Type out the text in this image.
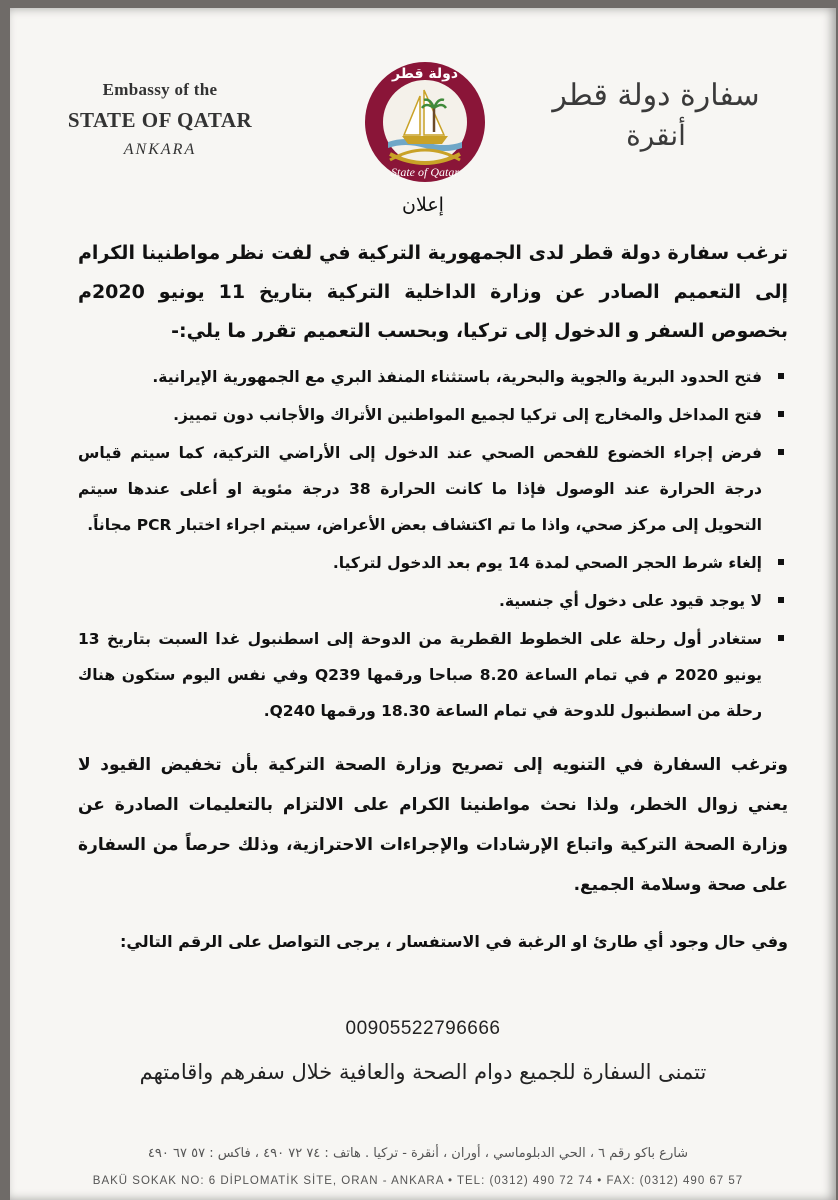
Embassy of the
STATE OF QATAR
ANKARA
دولة قطر
State of Qatar
سفارة دولة قطر
أنقرة
إعلان

ترغب سفارة دولة قطر لدى الجمهورية التركية في لفت نظر مواطنينا الكرام إلى التعميم الصادر عن وزارة الداخلية التركية بتاريخ 11 يونيو 2020م بخصوص السفر و الدخول إلى تركيا، وبحسب التعميم تقرر ما يلي:-

فتح الحدود البرية والجوية والبحرية، باستثناء المنفذ البري مع الجمهورية الإيرانية.
فتح المداخل والمخارج إلى تركيا لجميع المواطنين الأتراك والأجانب دون تمييز.
فرض إجراء الخضوع للفحص الصحي عند الدخول إلى الأراضي التركية، كما سيتم قياس درجة الحرارة عند الوصول فإذا ما كانت الحرارة 38 درجة مئوية او أعلى عندها سيتم التحويل إلى مركز صحي، واذا ما تم اكتشاف بعض الأعراض، سيتم اجراء اختبار PCR مجاناً.
إلغاء شرط الحجر الصحي لمدة 14 يوم بعد الدخول لتركيا.
لا يوجد قيود على دخول أي جنسية.
ستغادر أول رحلة على الخطوط القطرية من الدوحة إلى اسطنبول غدا السبت بتاريخ 13 يونيو 2020 م في تمام الساعة 8.20 صباحا ورقمها Q239 وفي نفس اليوم ستكون هناك رحلة من اسطنبول للدوحة في تمام الساعة 18.30 ورقمها Q240.

وترغب السفارة في التنويه إلى تصريح وزارة الصحة التركية بأن تخفيض القيود لا يعني زوال الخطر، ولذا نحث مواطنينا الكرام على الالتزام بالتعليمات الصادرة عن وزارة الصحة التركية واتباع الإرشادات والإجراءات الاحترازية، وذلك حرصاً من السفارة على صحة وسلامة الجميع.

وفي حال وجود أي طارئ او الرغبة في الاستفسار ، يرجى التواصل على الرقم التالي:

00905522796666
تتمنى السفارة للجميع دوام الصحة والعافية خلال سفرهم واقامتهم
شارع باكو رقم ٦ ، الحي الدبلوماسي ، أوران ، أنقرة - تركيا . هاتف : ٧٤ ٧٢ ٤٩٠ ، فاكس : ٥٧ ٦٧ ٤٩٠
BAKÜ SOKAK NO: 6 DİPLOMATİK SİTE, ORAN - ANKARA • TEL: (0312) 490 72 74 • FAX: (0312) 490 67 57
